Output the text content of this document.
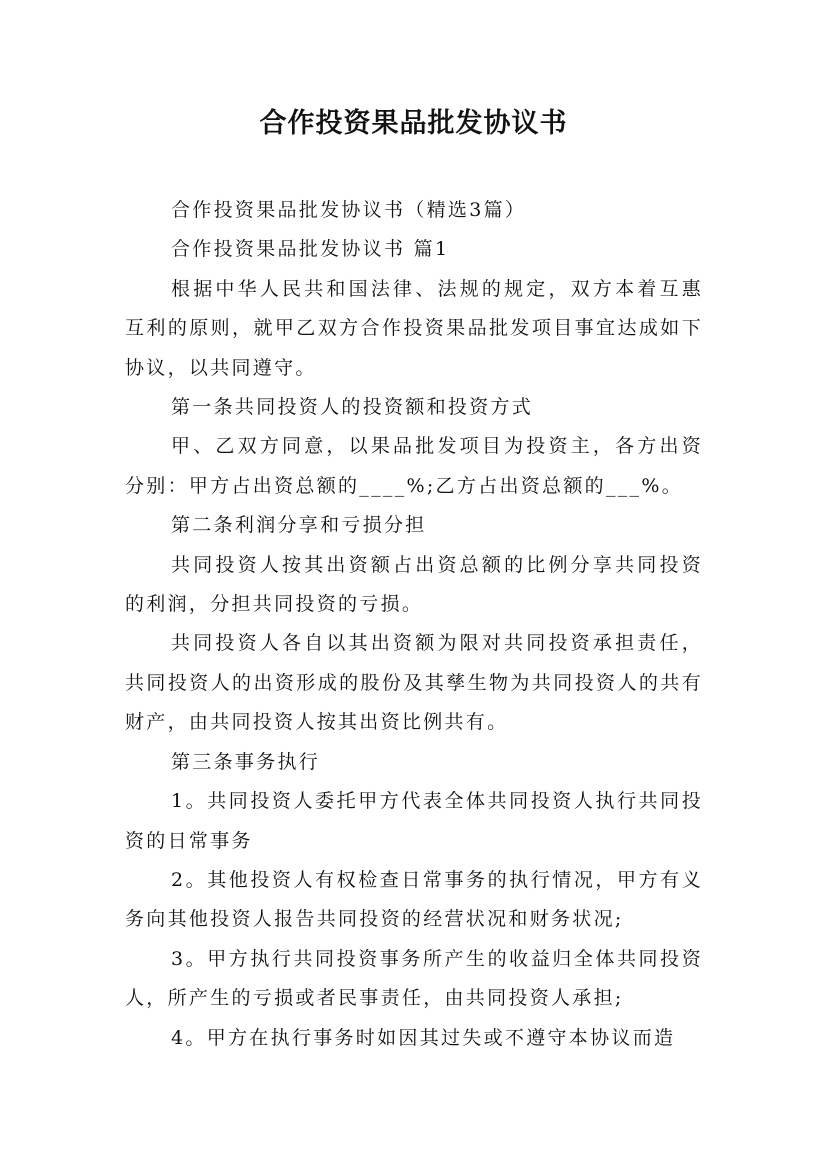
合作投资果品批发协议书

合作投资果品批发协议书（精选3篇）

合作投资果品批发协议书 篇1

根据中华人民共和国法律、法规的规定，双方本着互惠互利的原则，就甲乙双方合作投资果品批发项目事宜达成如下协议，以共同遵守。

第一条共同投资人的投资额和投资方式

甲、乙双方同意，以果品批发项目为投资主，各方出资分别：甲方占出资总额的____%;乙方占出资总额的___%。

第二条利润分享和亏损分担

共同投资人按其出资额占出资总额的比例分享共同投资的利润，分担共同投资的亏损。

共同投资人各自以其出资额为限对共同投资承担责任，共同投资人的出资形成的股份及其孳生物为共同投资人的共有财产，由共同投资人按其出资比例共有。

第三条事务执行

1。共同投资人委托甲方代表全体共同投资人执行共同投资的日常事务

2。其他投资人有权检查日常事务的执行情况，甲方有义务向其他投资人报告共同投资的经营状况和财务状况;

3。甲方执行共同投资事务所产生的收益归全体共同投资人，所产生的亏损或者民事责任，由共同投资人承担;

4。甲方在执行事务时如因其过失或不遵守本协议而造
